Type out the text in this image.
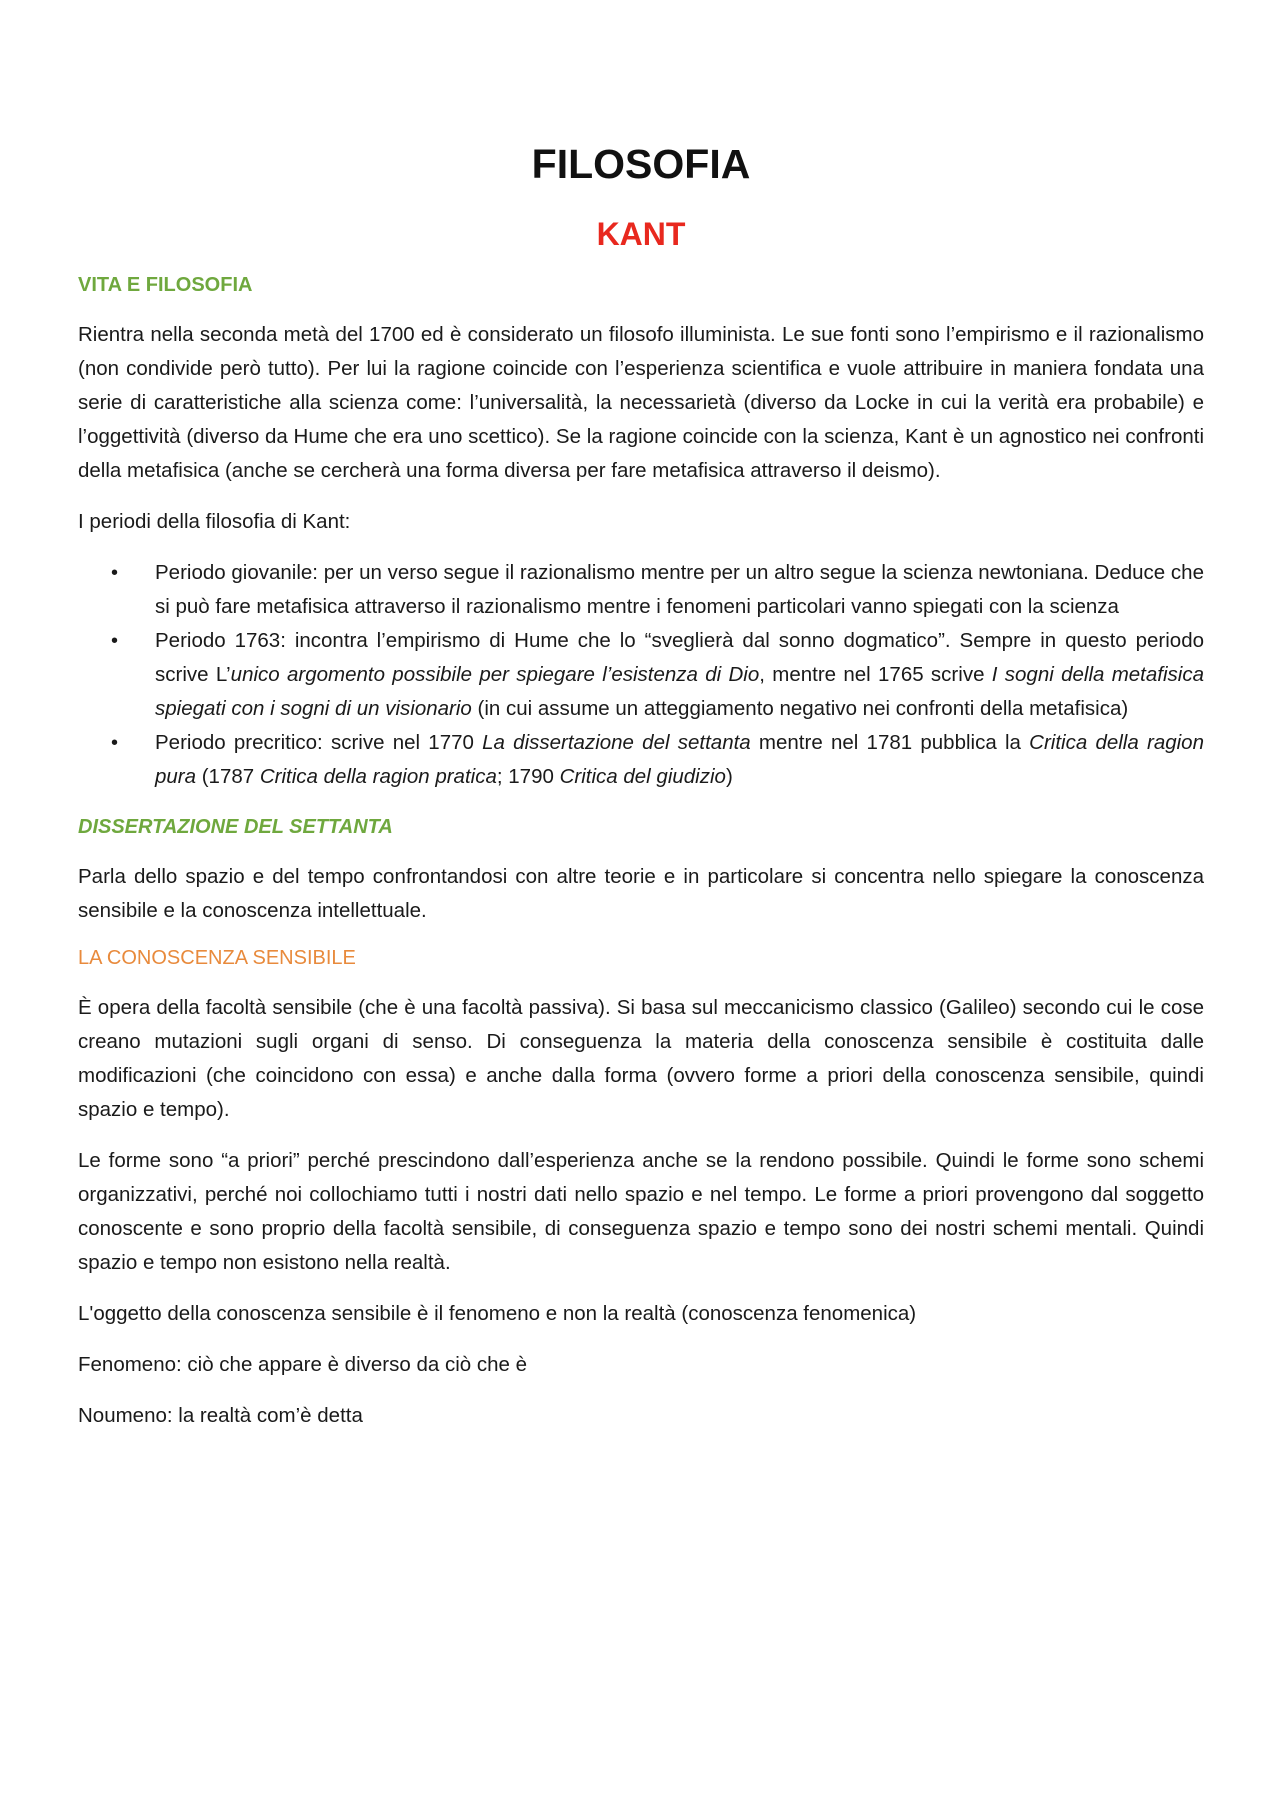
FILOSOFIA
KANT
VITA E FILOSOFIA

Rientra nella seconda metà del 1700 ed è considerato un filosofo illuminista. Le sue fonti sono l’empirismo e il razionalismo (non condivide però tutto). Per lui la ragione coincide con l’esperienza scientifica e vuole attribuire in maniera fondata una serie di caratteristiche alla scienza come: l’universalità, la necessarietà (diverso da Locke in cui la verità era probabile) e l’oggettività (diverso da Hume che era uno scettico). Se la ragione coincide con la scienza, Kant è un agnostico nei confronti della metafisica (anche se cercherà una forma diversa per fare metafisica attraverso il deismo).

I periodi della filosofia di Kant:

• Periodo giovanile: per un verso segue il razionalismo mentre per un altro segue la scienza newtoniana. Deduce che si può fare metafisica attraverso il razionalismo mentre i fenomeni particolari vanno spiegati con la scienza
• Periodo 1763: incontra l’empirismo di Hume che lo “sveglierà dal sonno dogmatico”. Sempre in questo periodo scrive L’unico argomento possibile per spiegare l’esistenza di Dio, mentre nel 1765 scrive I sogni della metafisica spiegati con i sogni di un visionario (in cui assume un atteggiamento negativo nei confronti della metafisica)
• Periodo precritico: scrive nel 1770 La dissertazione del settanta mentre nel 1781 pubblica la Critica della ragion pura (1787 Critica della ragion pratica; 1790 Critica del giudizio)
DISSERTAZIONE DEL SETTANTA

Parla dello spazio e del tempo confrontandosi con altre teorie e in particolare si concentra nello spiegare la conoscenza sensibile e la conoscenza intellettuale.

LA CONOSCENZA SENSIBILE

È opera della facoltà sensibile (che è una facoltà passiva). Si basa sul meccanicismo classico (Galileo) secondo cui le cose creano mutazioni sugli organi di senso. Di conseguenza la materia della conoscenza sensibile è costituita dalle modificazioni (che coincidono con essa) e anche dalla forma (ovvero forme a priori della conoscenza sensibile, quindi spazio e tempo).

Le forme sono “a priori” perché prescindono dall’esperienza anche se la rendono possibile. Quindi le forme sono schemi organizzativi, perché noi collochiamo tutti i nostri dati nello spazio e nel tempo. Le forme a priori provengono dal soggetto conoscente e sono proprio della facoltà sensibile, di conseguenza spazio e tempo sono dei nostri schemi mentali. Quindi spazio e tempo non esistono nella realtà.

L'oggetto della conoscenza sensibile è il fenomeno e non la realtà (conoscenza fenomenica)

Fenomeno: ciò che appare è diverso da ciò che è

Noumeno: la realtà com’è detta
